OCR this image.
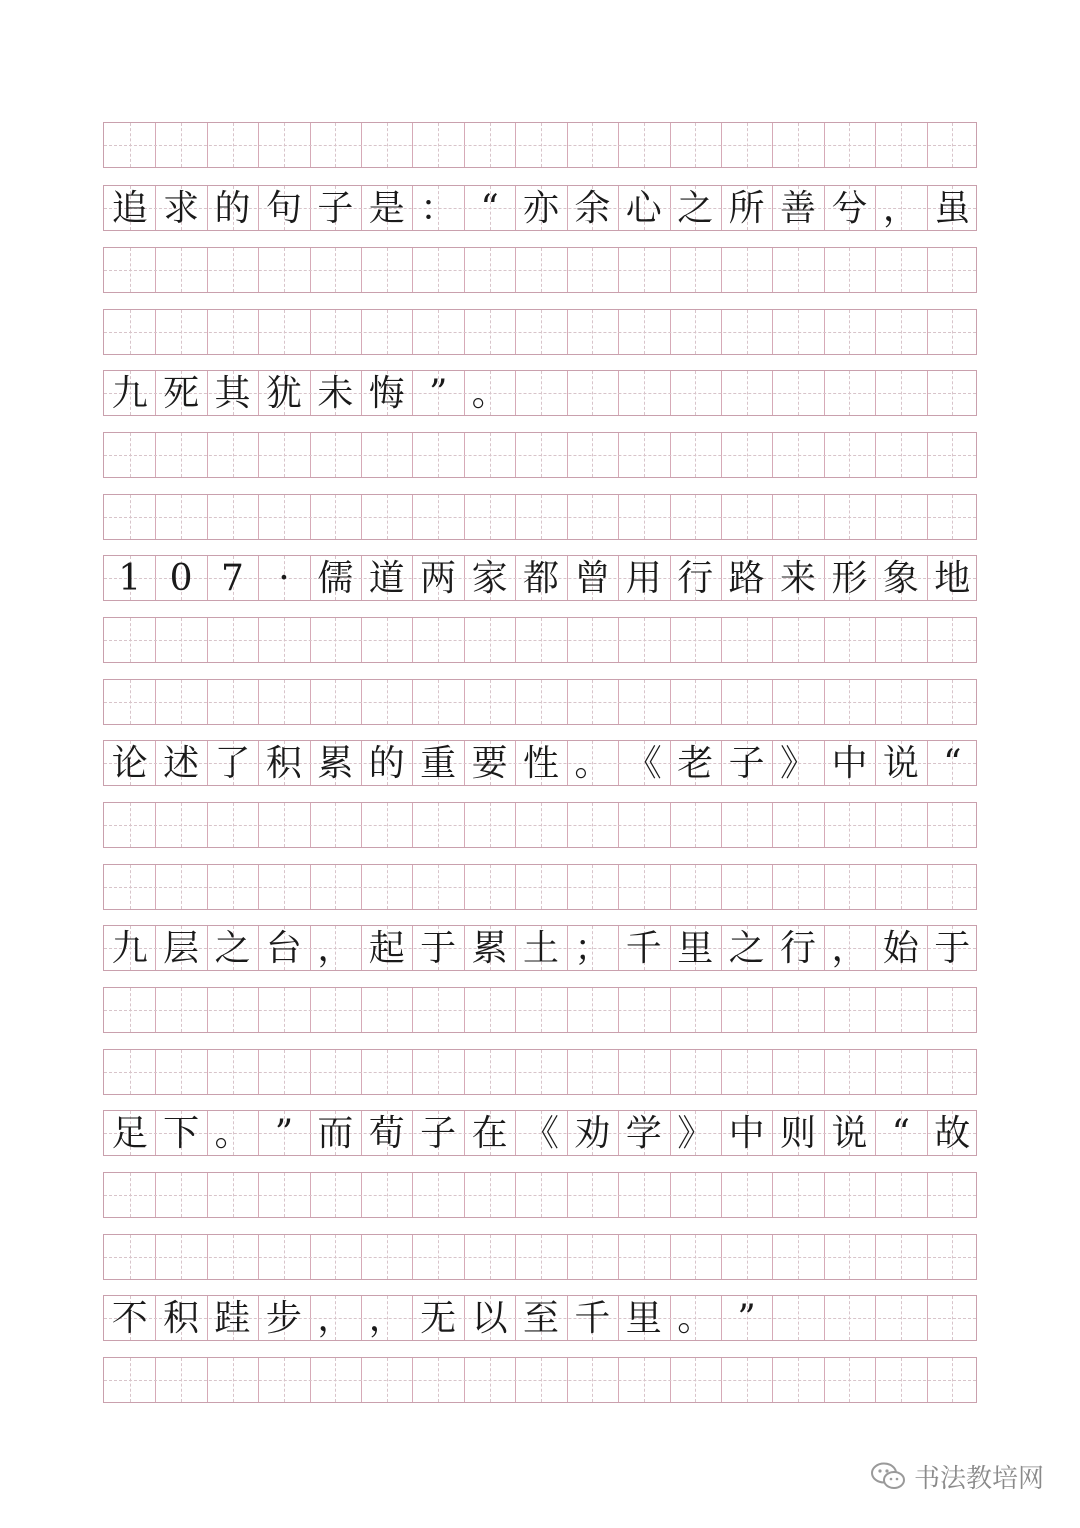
追 求 的 句 子 是 ： “ 亦 余 心 之 所 善 兮 ， 虽
九 死 其 犹 未 悔 ” 。
1 0 7 · 儒 道 两 家 都 曾 用 行 路 来 形 象 地
论 述 了 积 累 的 重 要 性 。 《 老 子 》 中 说 “
九 层 之 台 ， 起 于 累 土 ； 千 里 之 行 ， 始 于
足 下 。 ” 而 荀 子 在 《 劝 学 》 中 则 说 “ 故
不 积 跬 步 ， ， 无 以 至 千 里 。 ”
书法教培网
